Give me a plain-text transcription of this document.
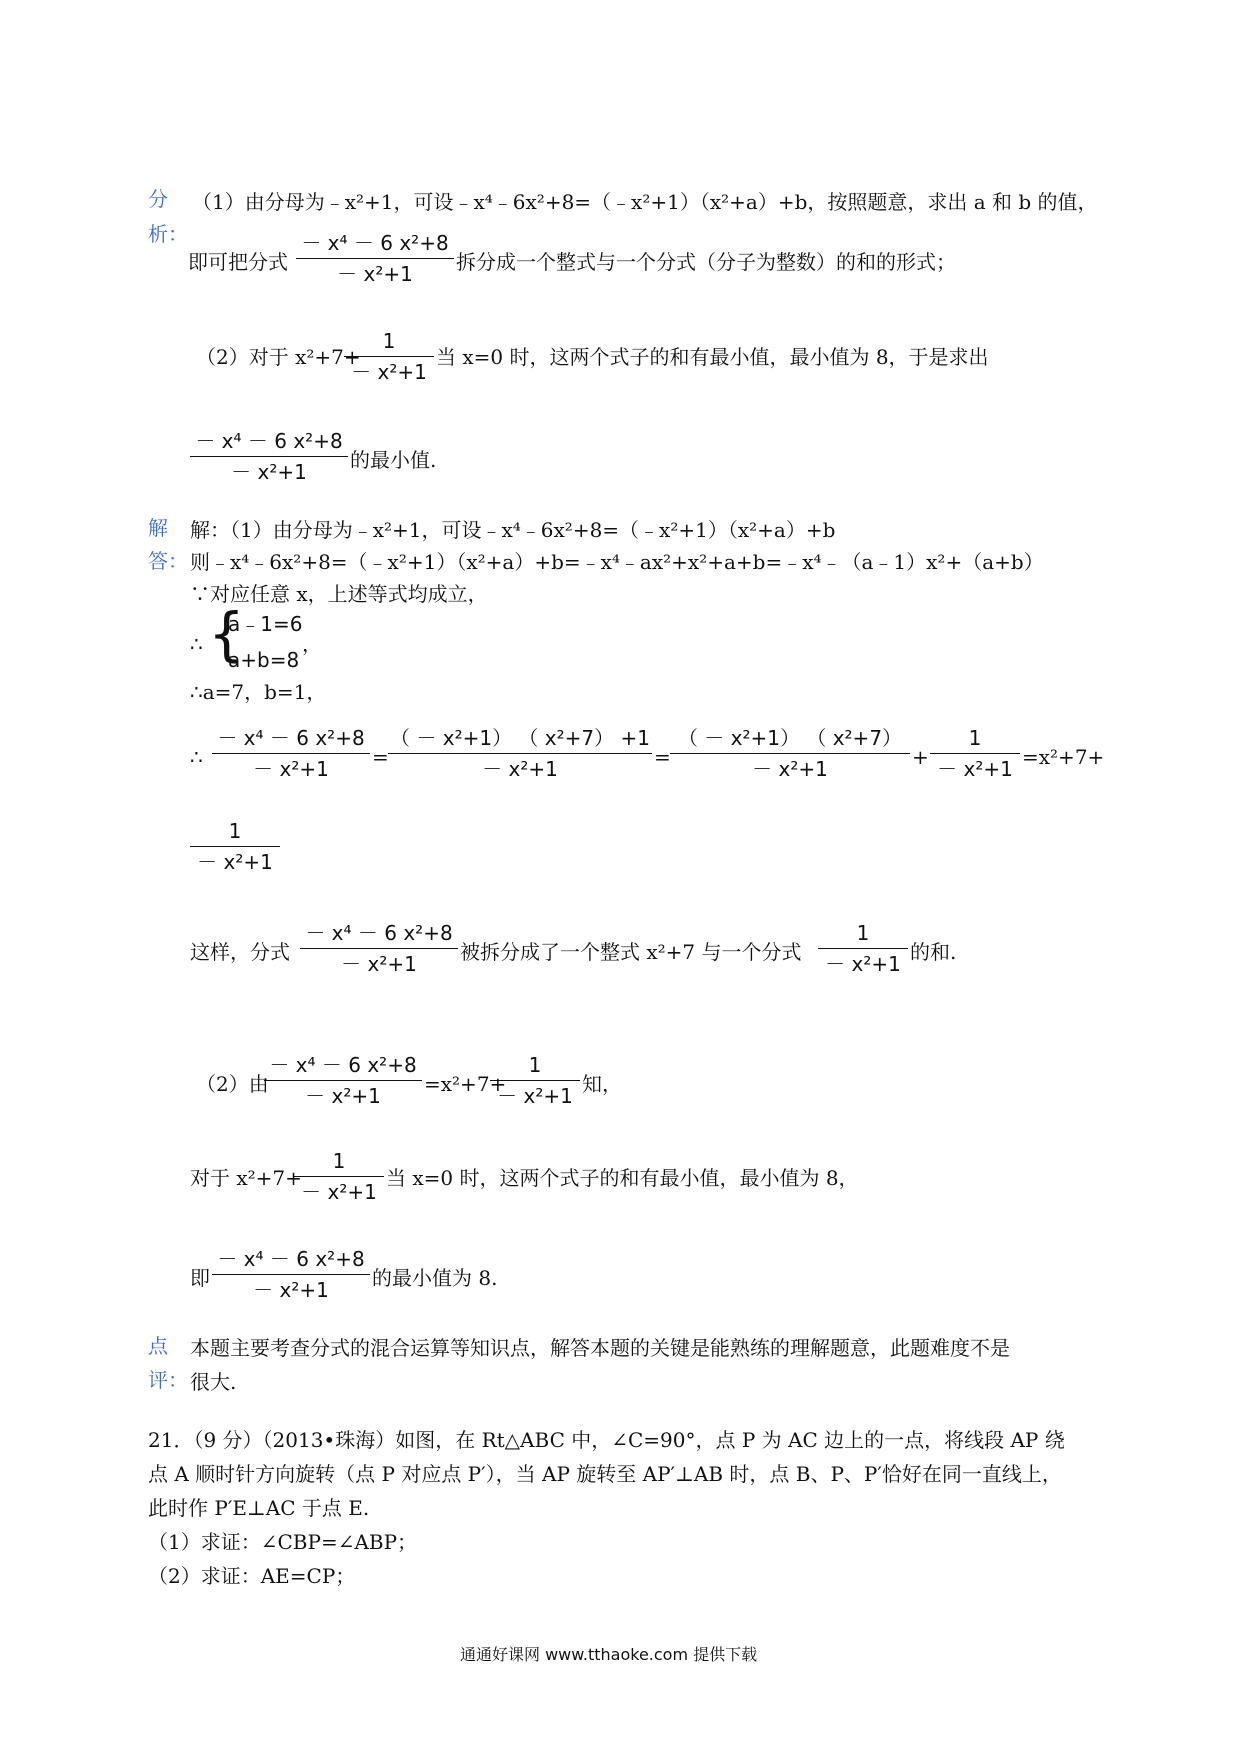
分
析：
（1）由分母为﹣x²+1，可设﹣x⁴﹣6x²+8=（﹣x²+1）（x²+a）+b，按照题意，求出 a 和 b 的值，
即可把分式 $\frac{\text{－ x⁴ － 6 x²+8}}{\text{－ x²+1}}$ 拆分成一个整式与一个分式（分子为整数）的和的形式；
（2）对于 x²+7+
$\frac{1}{\text{－ x²+1}}$ 当 x=0 时，这两个式子的和有最小值，最小值为 8，于是求出
$\frac{\text{－ x⁴ － 6 x²+8}}{\text{－ x²+1}}$ 的最小值.
解
答：
解：（1）由分母为﹣x²+1，可设﹣x⁴﹣6x²+8=（﹣x²+1）（x²+a）+b
则﹣x⁴﹣6x²+8=（﹣x²+1）（x²+a）+b=﹣x⁴﹣ax²+x²+a+b=﹣x⁴﹣（a﹣1）x²+（a+b）
∵对应任意 x，上述等式均成立，
∴ {
a﹣1=6
a+b=8
，
∴a=7，b=1，
∴ $\frac{\text{－ x⁴ － 6 x²+8}}{\text{－ x²+1}} = \frac{\text{（ － x²+1） （ x²+7） +1}}{\text{－ x²+1}} = \frac{\text{（ － x²+1） （ x²+7）}}{\text{－ x²+1}} + \frac{1}{\text{－ x²+1}} =x^2+7+$
$\frac{1}{\text{－ x²+1}}$
这样，分式 $\frac{\text{－ x⁴ － 6 x²+8}}{\text{－ x²+1}}$ 被拆分成了一个整式 x²+7 与一个分式 $\frac{1}{\text{－ x²+1}}$ 的和.
（2）由
$\frac{\text{－ x⁴ － 6 x²+8}}{\text{－ x²+1}} =x^2+7+$
$\frac{1}{\text{－ x²+1}}$ 知，
对于 x²+7+
$\frac{1}{\text{－ x²+1}}$ 当 x=0 时，这两个式子的和有最小值，最小值为 8，
即 $\frac{\text{－ x⁴ － 6 x²+8}}{\text{－ x²+1}}$ 的最小值为 8.
点
评：
本题主要考查分式的混合运算等知识点，解答本题的关键是能熟练的理解题意，此题难度不是
很大.
21．（9 分）（2013•珠海）如图，在 Rt△ABC 中，∠C=90°，点 P 为 AC 边上的一点，将线段 AP 绕
点 A 顺时针方向旋转（点 P 对应点 P′），当 AP 旋转至 AP′⊥AB 时，点 B、P、P′恰好在同一直线上，
此时作 P′E⊥AC 于点 E.
（1）求证：∠CBP=∠ABP；
（2）求证：AE=CP；
通通好课网 www.tthaoke.com 提供下载
